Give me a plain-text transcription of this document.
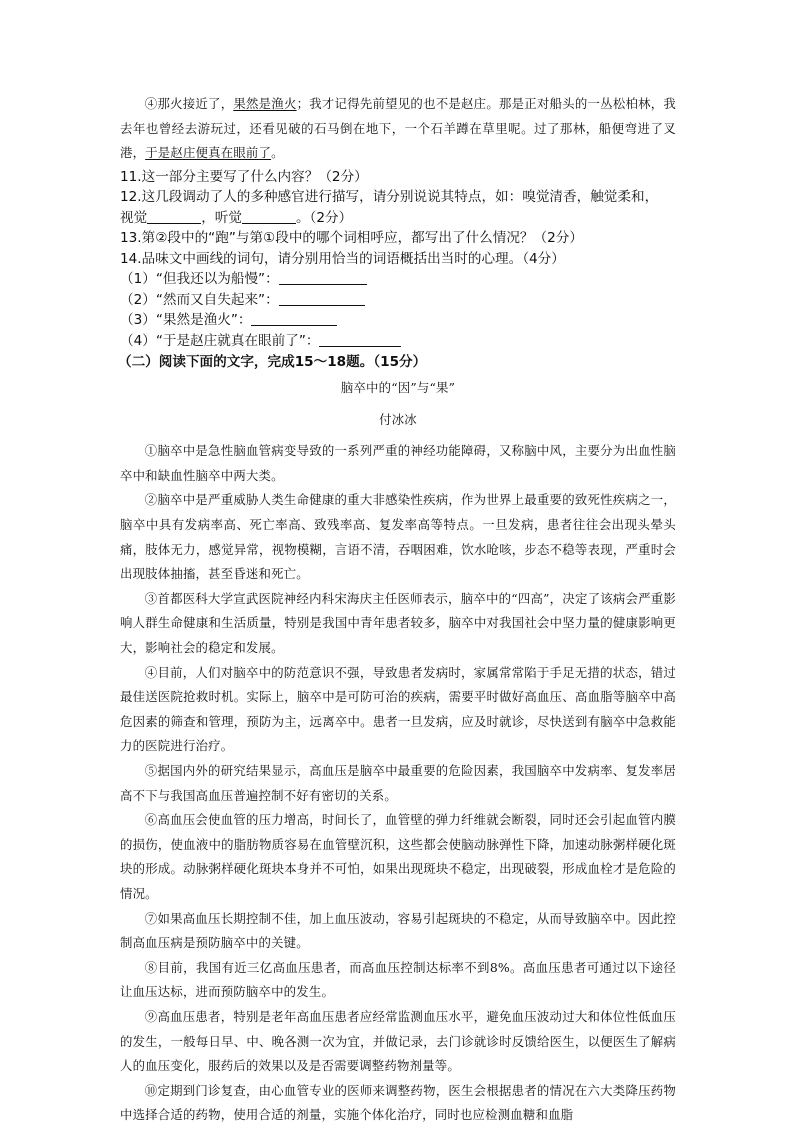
④那火接近了，果然是渔火；我才记得先前望见的也不是赵庄。那是正对船头的一丛松柏林，我去年也曾经去游玩过，还看见破的石马倒在地下，一个石羊蹲在草里呢。过了那林，船便弯进了叉港，于是赵庄便真在眼前了。

11.这一部分主要写了什么内容？（2分）

12.这几段调动了人的多种感官进行描写，请分别说说其特点，如：嗅觉清香，触觉柔和，
视觉	，听觉	。（2分）

13.第②段中的“跑”与第①段中的哪个词相呼应，都写出了什么情况？（2分）

14.品味文中画线的词句，请分别用恰当的词语概括出当时的心理。（4分）

（1）“但我还以为船慢”：

（2）“然而又自失起来”：

（3）“果然是渔火”：

（4）“于是赵庄就真在眼前了”：

（二）阅读下面的文字，完成15～18题。（15分）

脑卒中的“因”与“果”

付冰冰

①脑卒中是急性脑血管病变导致的一系列严重的神经功能障碍，又称脑中风，主要分为出血性脑卒中和缺血性脑卒中两大类。

②脑卒中是严重威胁人类生命健康的重大非感染性疾病，作为世界上最重要的致死性疾病之一，脑卒中具有发病率高、死亡率高、致残率高、复发率高等特点。一旦发病，患者往往会出现头晕头痛，肢体无力，感觉异常，视物模糊，言语不清，吞咽困难，饮水呛咳，步态不稳等表现，严重时会出现肢体抽搐，甚至昏迷和死亡。

③首都医科大学宣武医院神经内科宋海庆主任医师表示，脑卒中的“四高”，决定了该病会严重影响人群生命健康和生活质量，特别是我国中青年患者较多，脑卒中对我国社会中坚力量的健康影响更大，影响社会的稳定和发展。

④目前，人们对脑卒中的防范意识不强，导致患者发病时，家属常常陷于手足无措的状态，错过最佳送医院抢救时机。实际上，脑卒中是可防可治的疾病，需要平时做好高血压、高血脂等脑卒中高危因素的筛查和管理，预防为主，远离卒中。患者一旦发病，应及时就诊，尽快送到有脑卒中急救能力的医院进行治疗。

⑤据国内外的研究结果显示，高血压是脑卒中最重要的危险因素，我国脑卒中发病率、复发率居高不下与我国高血压普遍控制不好有密切的关系。

⑥高血压会使血管的压力增高，时间长了，血管壁的弹力纤维就会断裂，同时还会引起血管内膜的损伤，使血液中的脂肪物质容易在血管壁沉积，这些都会使脑动脉弹性下降，加速动脉粥样硬化斑块的形成。动脉粥样硬化斑块本身并不可怕，如果出现斑块不稳定，出现破裂，形成血栓才是危险的情况。

⑦如果高血压长期控制不佳，加上血压波动，容易引起斑块的不稳定，从而导致脑卒中。因此控制高血压病是预防脑卒中的关键。

⑧目前，我国有近三亿高血压患者，而高血压控制达标率不到8%。高血压患者可通过以下途径让血压达标，进而预防脑卒中的发生。

⑨高血压患者，特别是老年高血压患者应经常监测血压水平，避免血压波动过大和体位性低血压的发生，一般每日早、中、晚各测一次为宜，并做记录，去门诊就诊时反馈给医生，以便医生了解病人的血压变化，服药后的效果以及是否需要调整药物剂量等。

⑩定期到门诊复查，由心血管专业的医师来调整药物，医生会根据患者的情况在六大类降压药物中选择合适的药物，使用合适的剂量，实施个体化治疗，同时也应检测血糖和血脂
